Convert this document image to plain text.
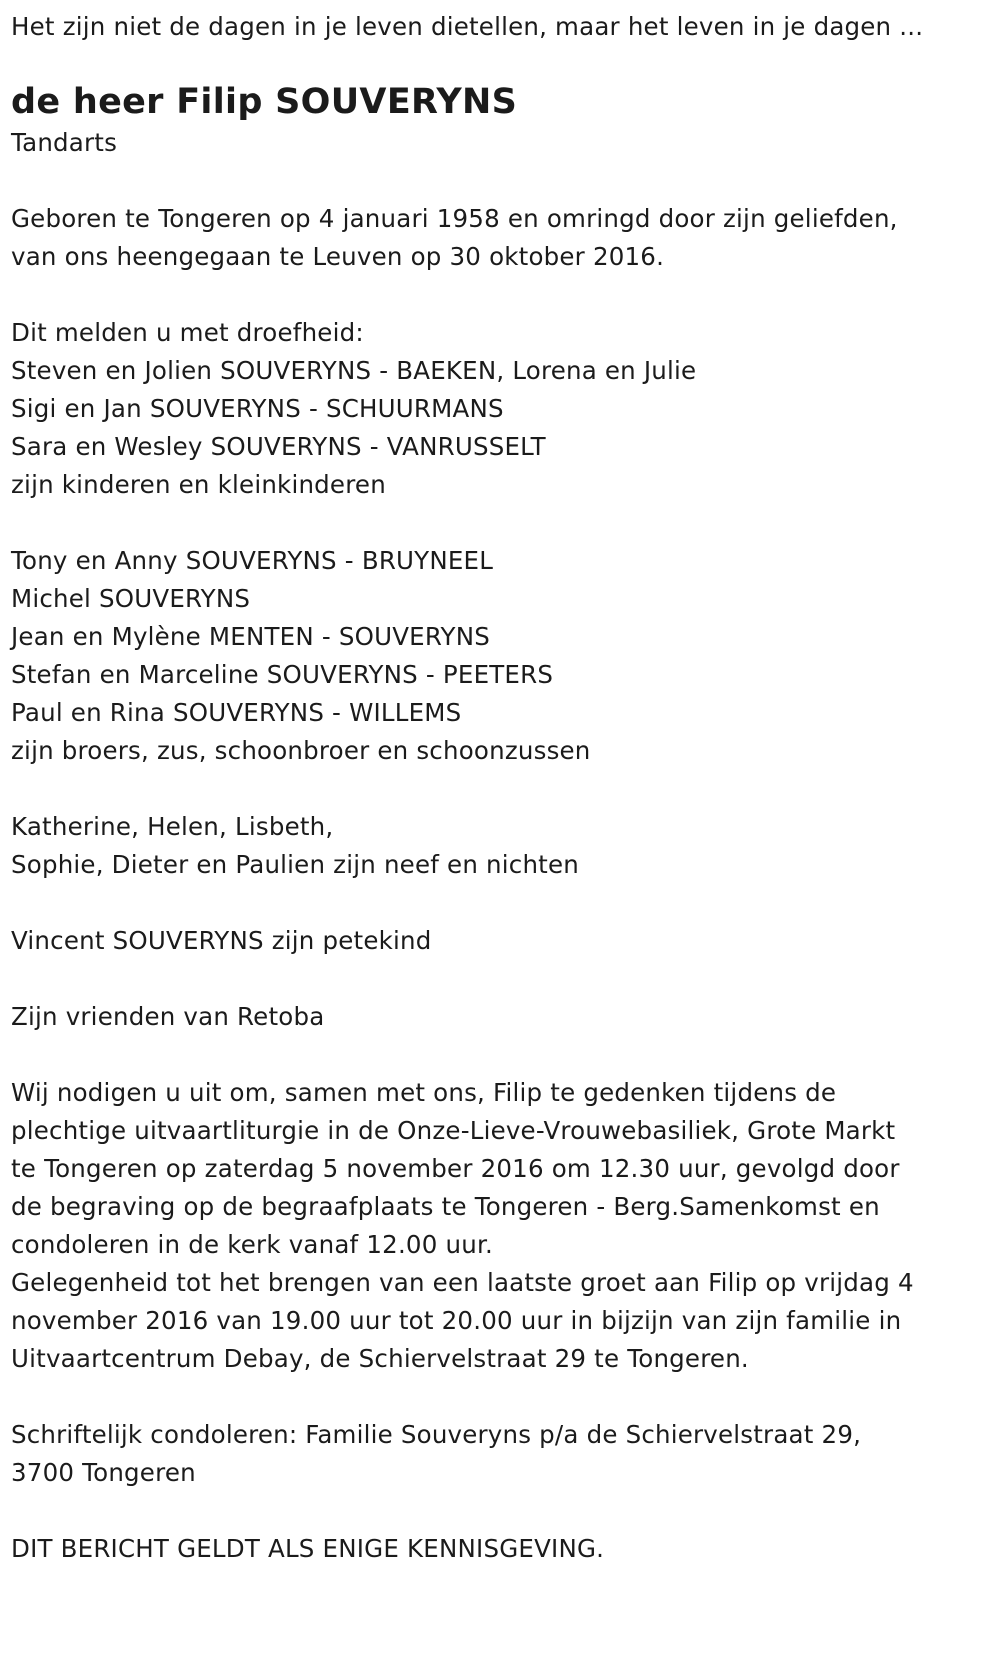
Het zijn niet de dagen in je leven dietellen, maar het leven in je dagen ...
de heer Filip SOUVERYNS
Tandarts
Geboren te Tongeren op 4 januari 1958 en omringd door zijn geliefden,
van ons heengegaan te Leuven op 30 oktober 2016.
Dit melden u met droefheid:
Steven en Jolien SOUVERYNS - BAEKEN, Lorena en Julie
Sigi en Jan SOUVERYNS - SCHUURMANS
Sara en Wesley SOUVERYNS - VANRUSSELT
zijn kinderen en kleinkinderen
Tony en Anny SOUVERYNS - BRUYNEEL
Michel SOUVERYNS
Jean en Mylène MENTEN - SOUVERYNS
Stefan en Marceline SOUVERYNS - PEETERS
Paul en Rina SOUVERYNS - WILLEMS
zijn broers, zus, schoonbroer en schoonzussen
Katherine, Helen, Lisbeth,
Sophie, Dieter en Paulien zijn neef en nichten
Vincent SOUVERYNS zijn petekind
Zijn vrienden van Retoba
Wij nodigen u uit om, samen met ons, Filip te gedenken tijdens de
plechtige uitvaartliturgie in de Onze-Lieve-Vrouwebasiliek, Grote Markt
te Tongeren op zaterdag 5 november 2016 om 12.30 uur, gevolgd door
de begraving op de begraafplaats te Tongeren - Berg.Samenkomst en
condoleren in de kerk vanaf 12.00 uur.
Gelegenheid tot het brengen van een laatste groet aan Filip op vrijdag 4
november 2016 van 19.00 uur tot 20.00 uur in bijzijn van zijn familie in
Uitvaartcentrum Debay, de Schiervelstraat 29 te Tongeren.
Schriftelijk condoleren: Familie Souveryns p/a de Schiervelstraat 29,
3700 Tongeren
DIT BERICHT GELDT ALS ENIGE KENNISGEVING.
